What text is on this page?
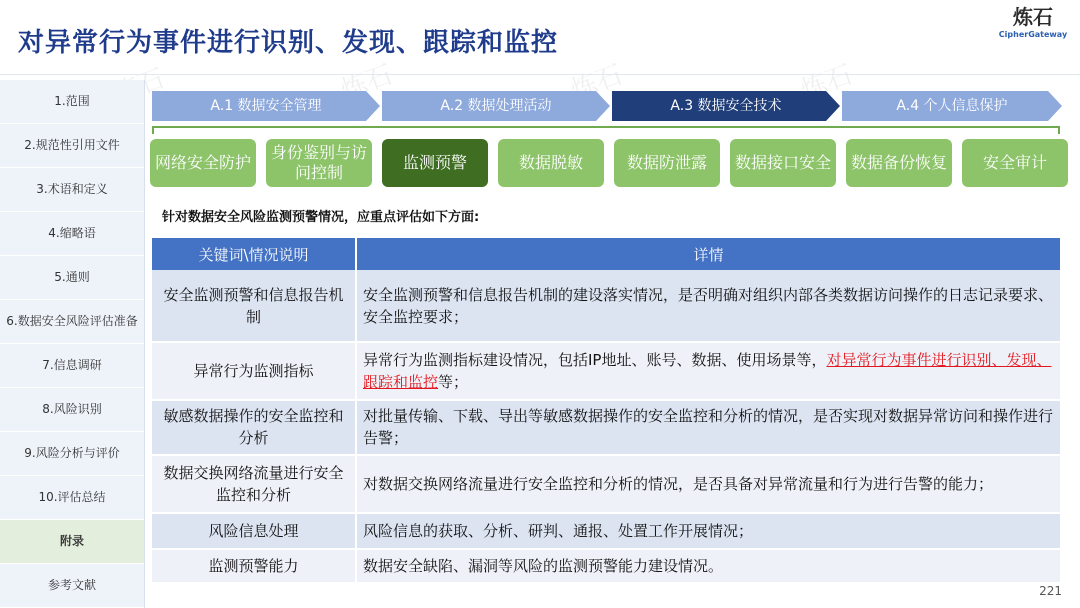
炼石	炼石	炼石
对异常行为事件进行识别、发现、跟踪和监控
炼石
CipherGateway
1.范围
2.规范性引用文件
3.术语和定义
4.缩略语
5.通则
6.数据安全风险评估准备
7.信息调研
8.风险识别
9.风险分析与评价
10.评估总结
附录
参考文献
A.1 数据安全管理	A.2 数据处理活动	A.3 数据安全技术	A.4 个人信息保护
网络安全防护
身份鉴别与访问控制
监测预警	数据脱敏	数据防泄露	数据接口安全	数据备份恢复	安全审计
针对数据安全风险监测预警情况，应重点评估如下方面:
关键词\情况说明	详情
安全监测预警和信息报告机制	安全监测预警和信息报告机制的建设落实情况，是否明确对组织内部各类数据访问操作的日志记录要求、安全监控要求；
异常行为监测指标	异常行为监测指标建设情况，包括IP地址、账号、数据、使用场景等，对异常行为事件进行识别、发现、跟踪和监控等；
敏感数据操作的安全监控和分析	对批量传输、下载、导出等敏感数据操作的安全监控和分析的情况，是否实现对数据异常访问和操作进行告警；
数据交换网络流量进行安全监控和分析	对数据交换网络流量进行安全监控和分析的情况，是否具备对异常流量和行为进行告警的能力；
风险信息处理	风险信息的获取、分析、研判、通报、处置工作开展情况；
监测预警能力	数据安全缺陷、漏洞等风险的监测预警能力建设情况。
221
